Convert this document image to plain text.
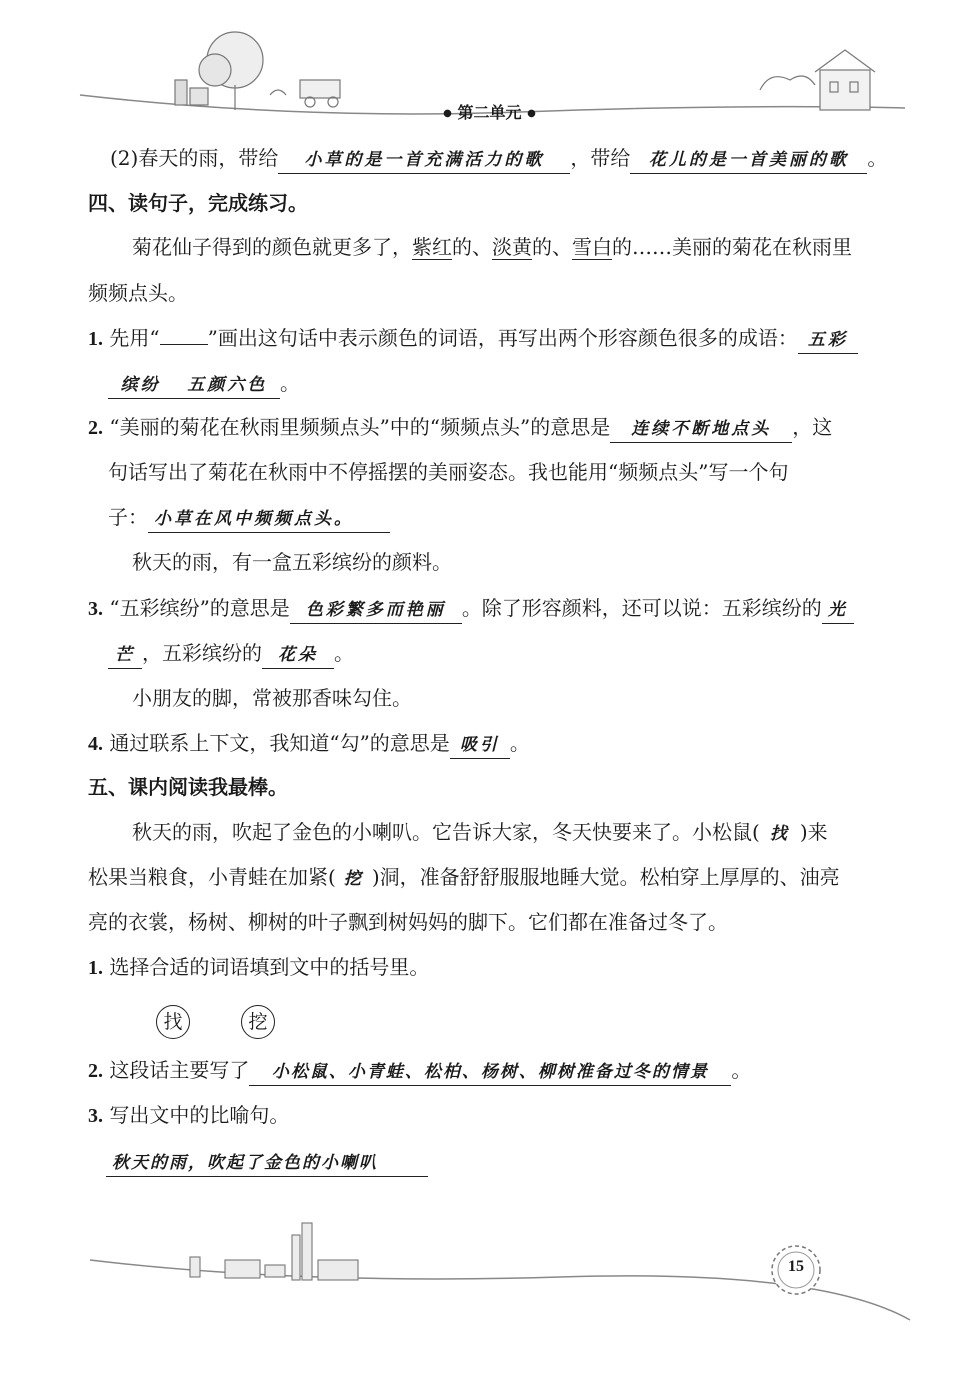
● 第二单元 ●
(2)春天的雨，带给 小草的是一首充满活力的歌 ，带给 花儿的是一首美丽的歌 。
四、读句子，完成练习。
菊花仙子得到的颜色就更多了，紫红的、淡黄的、雪白的……美丽的菊花在秋雨里
频频点头。
1. 先用“ ”画出这句话中表示颜色的词语，再写出两个形容颜色很多的成语： 五彩
缤纷 五颜六色 。
2. “美丽的菊花在秋雨里频频点头”中的“频频点头”的意思是 连续不断地点头 ，这
句话写出了菊花在秋雨中不停摇摆的美丽姿态。我也能用“频频点头”写一个句
子： 小草在风中频频点头。
秋天的雨，有一盒五彩缤纷的颜料。
3. “五彩缤纷”的意思是 色彩繁多而艳丽 。除了形容颜料，还可以说：五彩缤纷的 光
芒 ，五彩缤纷的 花朵 。
小朋友的脚，常被那香味勾住。
4. 通过联系上下文，我知道“勾”的意思是 吸引 。
五、课内阅读我最棒。
秋天的雨，吹起了金色的小喇叭。它告诉大家，冬天快要来了。小松鼠( 找 )来
松果当粮食，小青蛙在加紧( 挖 )洞，准备舒舒服服地睡大觉。松柏穿上厚厚的、油亮
亮的衣裳，杨树、柳树的叶子飘到树妈妈的脚下。它们都在准备过冬了。
1. 选择合适的词语填到文中的括号里。
找	挖
2. 这段话主要写了 小松鼠、小青蛙、松柏、杨树、柳树准备过冬的情景 。
3. 写出文中的比喻句。
秋天的雨，吹起了金色的小喇叭
15
